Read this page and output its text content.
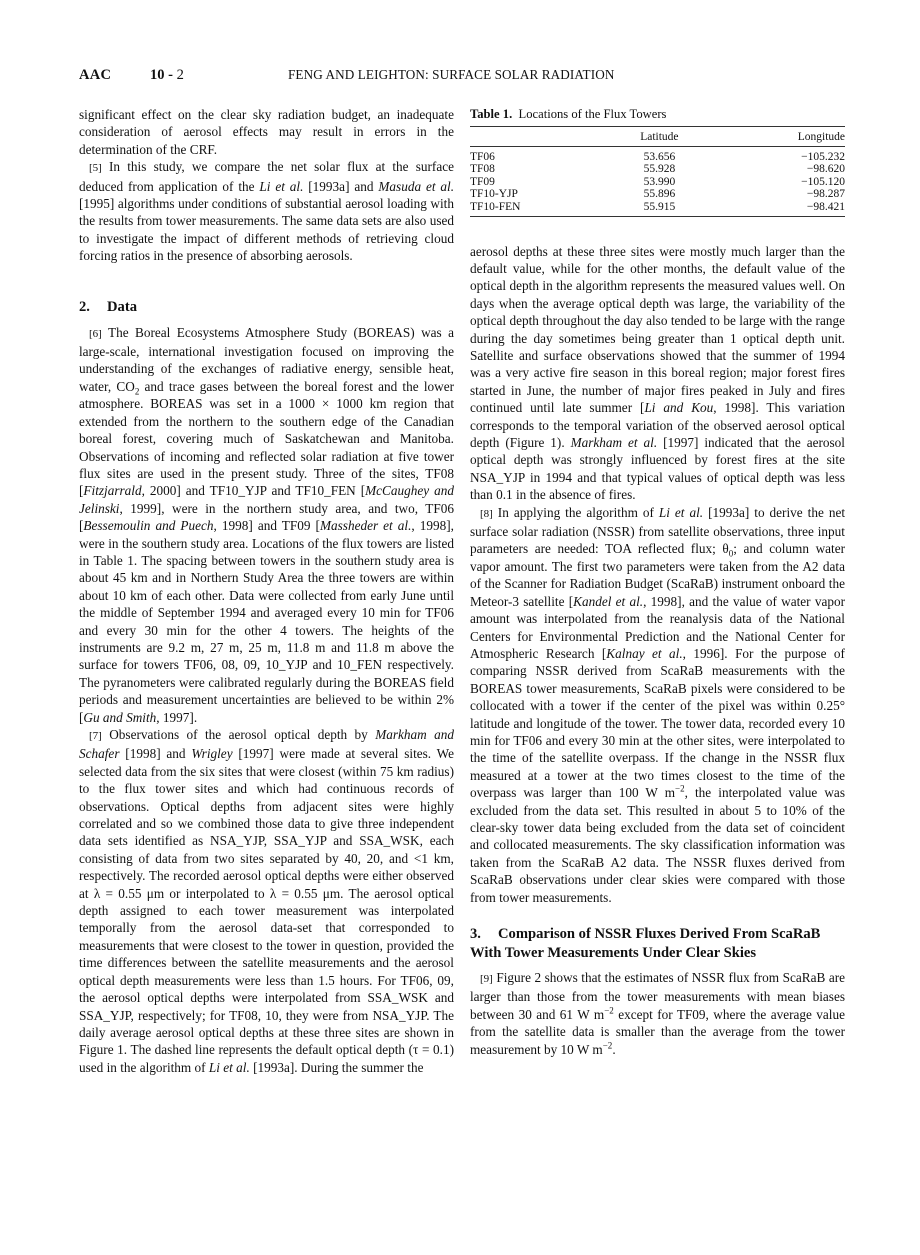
AAC	10 - 2	FENG AND LEIGHTON: SURFACE SOLAR RADIATION

significant effect on the clear sky radiation budget, an inadequate consideration of aerosol effects may result in errors in the determination of the CRF.

[5] In this study, we compare the net solar flux at the surface deduced from application of the Li et al. [1993a] and Masuda et al. [1995] algorithms under conditions of substantial aerosol loading with the results from tower measurements. The same data sets are also used to investigate the impact of different methods of retrieving cloud forcing ratios in the presence of absorbing aerosols.

2. Data

[6] The Boreal Ecosystems Atmosphere Study (BOREAS) was a large-scale, international investigation focused on improving the understanding of the exchanges of radiative energy, sensible heat, water, $CO_2$ and trace gases between the boreal forest and the lower atmosphere. BOREAS was set in a 1000 × 1000 km region that extended from the northern to the southern edge of the Canadian boreal forest, covering much of Saskatchewan and Manitoba. Observations of incoming and reflected solar radiation at five tower flux sites are used in the present study. Three of the sites, TF08 [Fitzjarrald, 2000] and TF10_YJP and TF10_FEN [McCaughey and Jelinski, 1999], were in the northern study area, and two, TF06 [Bessemoulin and Puech, 1998] and TF09 [Massheder et al., 1998], were in the southern study area. Locations of the flux towers are listed in Table 1. The spacing between towers in the southern study area is about 45 km and in Northern Study Area the three towers are within about 10 km of each other. Data were collected from early June until the middle of September 1994 and averaged every 10 min for TF06 and every 30 min for the other 4 towers. The heights of the instruments are 9.2 m, 27 m, 25 m, 11.8 m and 11.8 m above the surface for towers TF06, 08, 09, 10_YJP and 10_FEN respectively. The pyranometers were calibrated regularly during the BOREAS field periods and measurement uncertainties are believed to be within 2% [Gu and Smith, 1997].

[7] Observations of the aerosol optical depth by Markham and Schafer [1998] and Wrigley [1997] were made at several sites. We selected data from the six sites that were closest (within 75 km radius) to the flux tower sites and which had continuous records of observations. Optical depths from adjacent sites were highly correlated and so we combined those data to give three independent data sets identified as NSA_YJP, SSA_YJP and SSA_WSK, each consisting of data from two sites separated by 40, 20, and <1 km, respectively. The recorded aerosol optical depths were either observed at λ = 0.55 μm or interpolated to λ = 0.55 μm. The aerosol optical depth assigned to each tower measurement was interpolated temporally from the aerosol data-set that corresponded to measurements that were closest to the tower in question, provided the time differences between the satellite measurements and the aerosol optical depth measurements were less than 1.5 hours. For TF06, 09, the aerosol optical depths were interpolated from SSA_WSK and SSA_YJP, respectively; for TF08, 10, they were from NSA_YJP. The daily average aerosol optical depths at these three sites are shown in Figure 1. The dashed line represents the default optical depth (τ = 0.1) used in the algorithm of Li et al. [1993a]. During the summer the

Table 1. Locations of the Flux Towers
	Latitude	Longitude
TF06	53.656	−105.232
TF08	55.928	−98.620
TF09	53.990	−105.120
TF10-YJP	55.896	−98.287
TF10-FEN	55.915	−98.421

aerosol depths at these three sites were mostly much larger than the default value, while for the other months, the default value of the optical depth in the algorithm represents the measured values well. On days when the average optical depth was large, the variability of the optical depth throughout the day also tended to be large with the range during the day sometimes being greater than 1 optical depth unit. Satellite and surface observations showed that the summer of 1994 was a very active fire season in this boreal region; major forest fires started in June, the number of major fires peaked in July and fires continued until late summer [Li and Kou, 1998]. This variation corresponds to the temporal variation of the observed aerosol optical depth (Figure 1). Markham et al. [1997] indicated that the aerosol optical depth was strongly influenced by forest fires at the site NSA_YJP in 1994 and that typical values of optical depth was less than 0.1 in the absence of fires.

[8] In applying the algorithm of Li et al. [1993a] to derive the net surface solar radiation (NSSR) from satellite observations, three input parameters are needed: TOA reflected flux; $\theta_0$; and column water vapor amount. The first two parameters were taken from the A2 data of the Scanner for Radiation Budget (ScaRaB) instrument onboard the Meteor-3 satellite [Kandel et al., 1998], and the value of water vapor amount was interpolated from the reanalysis data of the National Centers for Environmental Prediction and the National Center for Atmospheric Research [Kalnay et al., 1996]. For the purpose of comparing NSSR derived from ScaRaB measurements with the BOREAS tower measurements, ScaRaB pixels were considered to be collocated with a tower if the center of the pixel was within 0.25° latitude and longitude of the tower. The tower data, recorded every 10 min for TF06 and every 30 min at the other sites, were interpolated to the time of the satellite overpass. If the change in the NSSR flux measured at a tower at the two times closest to the time of the overpass was larger than 100 W $m^{-2}$, the interpolated value was excluded from the data set. This resulted in about 5 to 10% of the clear-sky tower data being excluded from the data set of coincident and collocated measurements. The sky classification information was taken from the ScaRaB A2 data. The NSSR fluxes derived from ScaRaB observations under clear skies were compared with those from tower measurements.

3. Comparison of NSSR Fluxes Derived From ScaRaB With Tower Measurements Under Clear Skies

[9] Figure 2 shows that the estimates of NSSR flux from ScaRaB are larger than those from the tower measurements with mean biases between 30 and 61 W $m^{-2}$ except for TF09, where the average value from the satellite data is smaller than the average from the tower measurement by 10 W $m^{-2}$.
